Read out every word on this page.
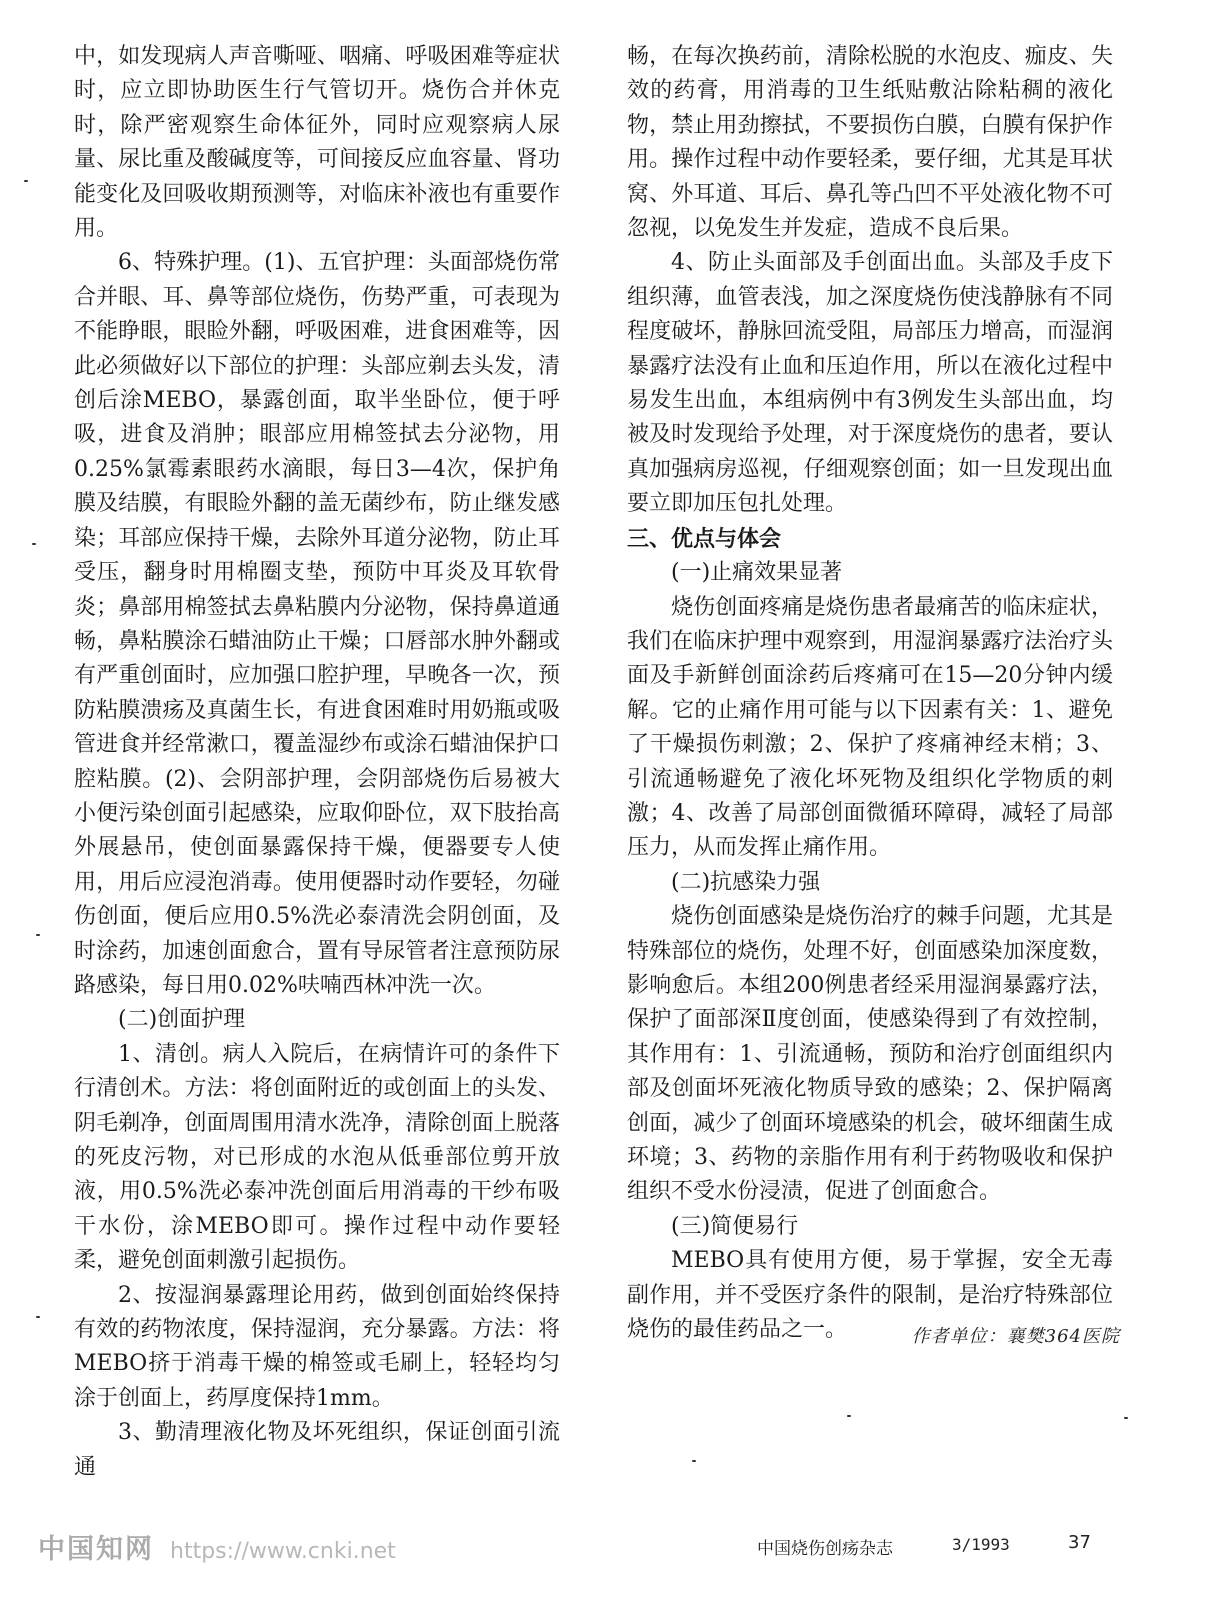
中，如发现病人声音嘶哑、咽痛、呼吸困难等症状时，应立即协助医生行气管切开。烧伤合并休克时，除严密观察生命体征外，同时应观察病人尿量、尿比重及酸碱度等，可间接反应血容量、肾功能变化及回吸收期预测等，对临床补液也有重要作用。

6、特殊护理。(1)、五官护理：头面部烧伤常合并眼、耳、鼻等部位烧伤，伤势严重，可表现为不能睁眼，眼睑外翻，呼吸困难，进食困难等，因此必须做好以下部位的护理：头部应剃去头发，清创后涂MEBO，暴露创面，取半坐卧位，便于呼吸，进食及消肿；眼部应用棉签拭去分泌物，用0.25%氯霉素眼药水滴眼，每日3—4次，保护角膜及结膜，有眼睑外翻的盖无菌纱布，防止继发感染；耳部应保持干燥，去除外耳道分泌物，防止耳受压，翻身时用棉圈支垫，预防中耳炎及耳软骨炎；鼻部用棉签拭去鼻粘膜内分泌物，保持鼻道通畅，鼻粘膜涂石蜡油防止干燥；口唇部水肿外翻或有严重创面时，应加强口腔护理，早晚各一次，预防粘膜溃疡及真菌生长，有进食困难时用奶瓶或吸管进食并经常漱口，覆盖湿纱布或涂石蜡油保护口腔粘膜。(2)、会阴部护理，会阴部烧伤后易被大小便污染创面引起感染，应取仰卧位，双下肢抬高外展悬吊，使创面暴露保持干燥，便器要专人使用，用后应浸泡消毒。使用便器时动作要轻，勿碰伤创面，便后应用0.5%洗必泰清洗会阴创面，及时涂药，加速创面愈合，置有导尿管者注意预防尿路感染，每日用0.02%呋喃西林冲洗一次。

(二)创面护理

1、清创。病人入院后，在病情许可的条件下行清创术。方法：将创面附近的或创面上的头发、阴毛剃净，创面周围用清水洗净，清除创面上脱落的死皮污物，对已形成的水泡从低垂部位剪开放液，用0.5%洗必泰冲洗创面后用消毒的干纱布吸干水份，涂MEBO即可。操作过程中动作要轻柔，避免创面刺激引起损伤。

2、按湿润暴露理论用药，做到创面始终保持有效的药物浓度，保持湿润，充分暴露。方法：将MEBO挤于消毒干燥的棉签或毛刷上，轻轻均匀涂于创面上，药厚度保持1mm。

3、勤清理液化物及坏死组织，保证创面引流通

畅，在每次换药前，清除松脱的水泡皮、痂皮、失效的药膏，用消毒的卫生纸贴敷沾除粘稠的液化物，禁止用劲擦拭，不要损伤白膜，白膜有保护作用。操作过程中动作要轻柔，要仔细，尤其是耳状窝、外耳道、耳后、鼻孔等凸凹不平处液化物不可忽视，以免发生并发症，造成不良后果。

4、防止头面部及手创面出血。头部及手皮下组织薄，血管表浅，加之深度烧伤使浅静脉有不同程度破坏，静脉回流受阻，局部压力增高，而湿润暴露疗法没有止血和压迫作用，所以在液化过程中易发生出血，本组病例中有3例发生头部出血，均被及时发现给予处理，对于深度烧伤的患者，要认真加强病房巡视，仔细观察创面；如一旦发现出血要立即加压包扎处理。

三、优点与体会

(一)止痛效果显著

烧伤创面疼痛是烧伤患者最痛苦的临床症状，我们在临床护理中观察到，用湿润暴露疗法治疗头面及手新鲜创面涂药后疼痛可在15—20分钟内缓解。它的止痛作用可能与以下因素有关：1、避免了干燥损伤刺激；2、保护了疼痛神经末梢；3、引流通畅避免了液化坏死物及组织化学物质的刺激；4、改善了局部创面微循环障碍，减轻了局部压力，从而发挥止痛作用。

(二)抗感染力强

烧伤创面感染是烧伤治疗的棘手问题，尤其是特殊部位的烧伤，处理不好，创面感染加深度数，影响愈后。本组200例患者经采用湿润暴露疗法，保护了面部深Ⅱ度创面，使感染得到了有效控制，其作用有：1、引流通畅，预防和治疗创面组织内部及创面坏死液化物质导致的感染；2、保护隔离创面，减少了创面环境感染的机会，破坏细菌生成环境；3、药物的亲脂作用有利于药物吸收和保护组织不受水份浸渍，促进了创面愈合。

(三)简便易行

MEBO具有使用方便，易于掌握，安全无毒副作用，并不受医疗条件的限制，是治疗特殊部位烧伤的最佳药品之一。	作者单位：襄樊364医院
中国知网 https://www.cnki.net	中国烧伤创疡杂志	3/1993	37
